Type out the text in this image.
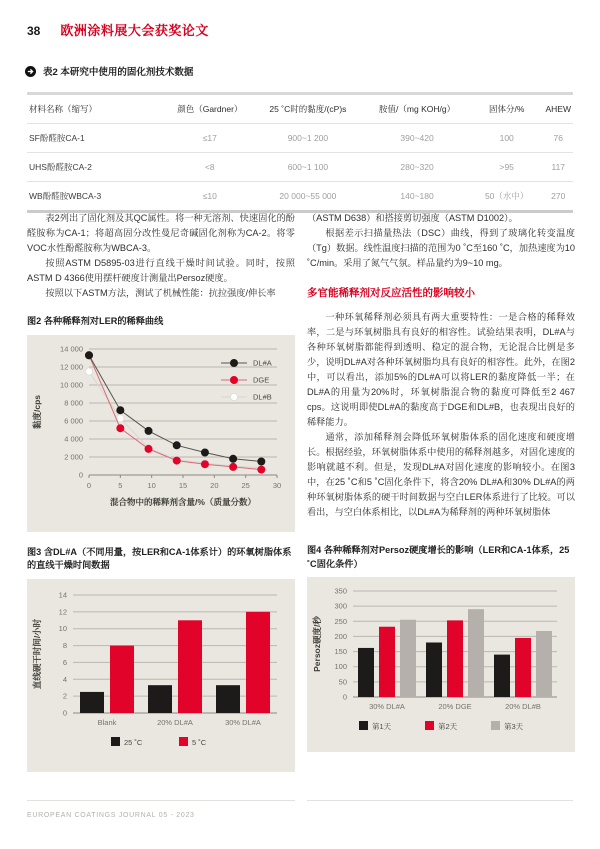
38 欧洲涂料展大会获奖论文
表2 本研究中使用的固化剂技术数据
材料名称（缩写）	颜色（Gardner）	25 ˚C时的黏度/(cP)s	胺值/（mg KOH/g）	固体分/%	AHEW
SF酚醛胺CA-1	≤17	900~1 200	390~420	100	76
UHS酚醛胺CA-2	<8	600~1 100	280~320	>95	117
WB酚醛胺WBCA-3	≤10	20 000~55 000	140~180	50（水中）	270

表2列出了固化剂及其QC属性。将一种无溶剂、快速固化的酚醛胺称为CA-1；将超高固分改性曼尼奇碱固化剂称为CA-2。将零VOC水性酚醛胺称为WBCA-3。

按照ASTM D5895-03进行直线干燥时间试验。同时，按照ASTM D 4366使用摆杆硬度计测量出Persoz硬度。

按照以下ASTM方法，测试了机械性能：抗拉强度/伸长率

图2 各种稀释剂对LER的稀释曲线
0
2 000
4 000
6 000
8 000
10 000
12 000
14 000
0	5	10	15	20	25	30
混合物中的稀释剂含量/%（质量分数）
黏度/cps
DL#A
DGE
DL#B
图3 含DL#A（不同用量，按LER和CA-1体系计）的环氧树脂体系的直线干燥时间数据
0
2
4
6
8
10
12
14
直线硬干时间/小时
Blank	20% DL#A	30% DL#A
25 ˚C	5 ˚C

（ASTM D638）和搭接剪切强度（ASTM D1002）。

根据差示扫描量热法（DSC）曲线，得到了玻璃化转变温度（Tg）数据。线性温度扫描的范围为0 ˚C至160 ˚C，加热速度为10 ˚C/min。采用了氮气气氛。样品量约为9~10 mg。

多官能稀释剂对反应活性的影响较小

一种环氧稀释剂必须具有两大重要特性：一是合格的稀释效率，二是与环氧树脂具有良好的相容性。试验结果表明，DL#A与各种环氧树脂都能得到透明、稳定的混合物，无论混合比例是多少，说明DL#A对各种环氧树脂均具有良好的相容性。此外，在图2中，可以看出，添加5%的DL#A可以将LER的黏度降低一半；在DL#A的用量为20%时，环氧树脂混合物的黏度可降低至2 467 cps。这说明即使DL#A的黏度高于DGE和DL#B，也表现出良好的稀释能力。

通常，添加稀释剂会降低环氧树脂体系的固化速度和硬度增长。根据经验，环氧树脂体系中使用的稀释剂越多，对固化速度的影响就越不利。但是，发现DL#A对固化速度的影响较小。在图3中，在25 ˚C和5 ˚C固化条件下，将含20% DL#A和30% DL#A的两种环氧树脂体系的硬干时间数据与空白LER体系进行了比较。可以看出，与空白体系相比，以DL#A为稀释剂的两种环氧树脂体

图4 各种稀释剂对Persoz硬度增长的影响（LER和CA-1体系，25 ˚C固化条件）
0
50
100
150
200
250
300
350
Persoz硬度/秒
30% DL#A	20% DGE	20% DL#B
第1天	第2天	第3天
EUROPEAN COATINGS JOURNAL 05 - 2023
